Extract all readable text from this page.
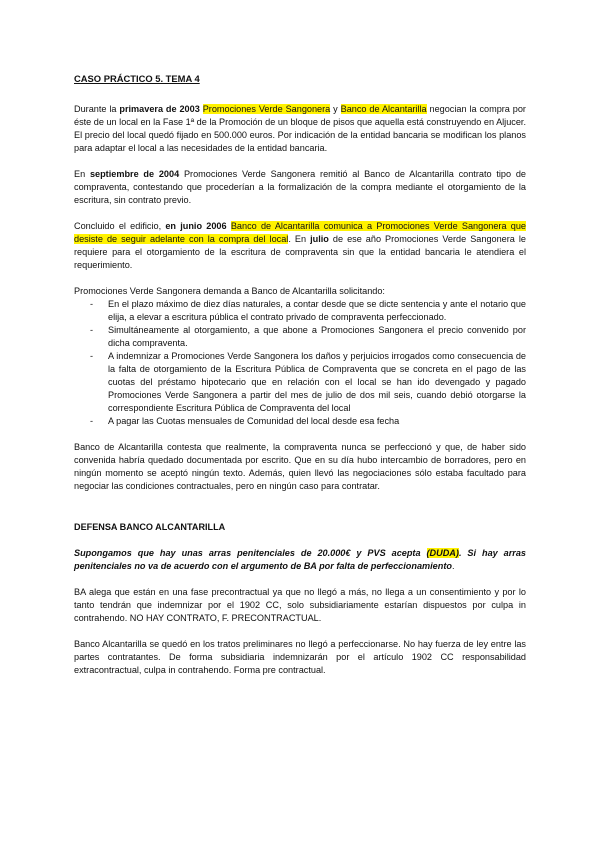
CASO PRÁCTICO 5. TEMA 4

Durante la primavera de 2003 Promociones Verde Sangonera y Banco de Alcantarilla negocian la compra por éste de un local en la Fase 1ª de la Promoción de un bloque de pisos que aquella está construyendo en Aljucer. El precio del local quedó fijado en 500.000 euros. Por indicación de la entidad bancaria se modifican los planos para adaptar el local a las necesidades de la entidad bancaria.

En septiembre de 2004 Promociones Verde Sangonera remitió al Banco de Alcantarilla contrato tipo de compraventa, contestando que procederían a la formalización de la compra mediante el otorgamiento de la escritura, sin contrato previo.

Concluido el edificio, en junio 2006 Banco de Alcantarilla comunica a Promociones Verde Sangonera que desiste de seguir adelante con la compra del local. En julio de ese año Promociones Verde Sangonera le requiere para el otorgamiento de la escritura de compraventa sin que la entidad bancaria le atendiera el requerimiento.

Promociones Verde Sangonera demanda a Banco de Alcantarilla solicitando:

- En el plazo máximo de diez días naturales, a contar desde que se dicte sentencia y ante el notario que elija, a elevar a escritura pública el contrato privado de compraventa perfeccionado.
- Simultáneamente al otorgamiento, a que abone a Promociones Sangonera el precio convenido por dicha compraventa.
- A indemnizar a Promociones Verde Sangonera los daños y perjuicios irrogados como consecuencia de la falta de otorgamiento de la Escritura Pública de Compraventa que se concreta en el pago de las cuotas del préstamo hipotecario que en relación con el local se han ido devengado y pagado Promociones Verde Sangonera a partir del mes de julio de dos mil seis, cuando debió otorgarse la correspondiente Escritura Pública de Compraventa del local
- A pagar las Cuotas mensuales de Comunidad del local desde esa fecha

Banco de Alcantarilla contesta que realmente, la compraventa nunca se perfeccionó y que, de haber sido convenida habría quedado documentada por escrito. Que en su día hubo intercambio de borradores, pero en ningún momento se aceptó ningún texto. Además, quien llevó las negociaciones sólo estaba facultado para negociar las condiciones contractuales, pero en ningún caso para contratar.

DEFENSA BANCO ALCANTARILLA

Supongamos que hay unas arras penitenciales de 20.000€ y PVS acepta (DUDA). Si hay arras penitenciales no va de acuerdo con el argumento de BA por falta de perfeccionamiento.

BA alega que están en una fase precontractual ya que no llegó a más, no llega a un consentimiento y por lo tanto tendrán que indemnizar por el 1902 CC, solo subsidiariamente estarían dispuestos por culpa in contrahendo. NO HAY CONTRATO, F. PRECONTRACTUAL.

Banco Alcantarilla se quedó en los tratos preliminares no llegó a perfeccionarse. No hay fuerza de ley entre las partes contratantes. De forma subsidiaria indemnizarán por el artículo 1902 CC responsabilidad extracontractual, culpa in contrahendo. Forma pre contractual.
